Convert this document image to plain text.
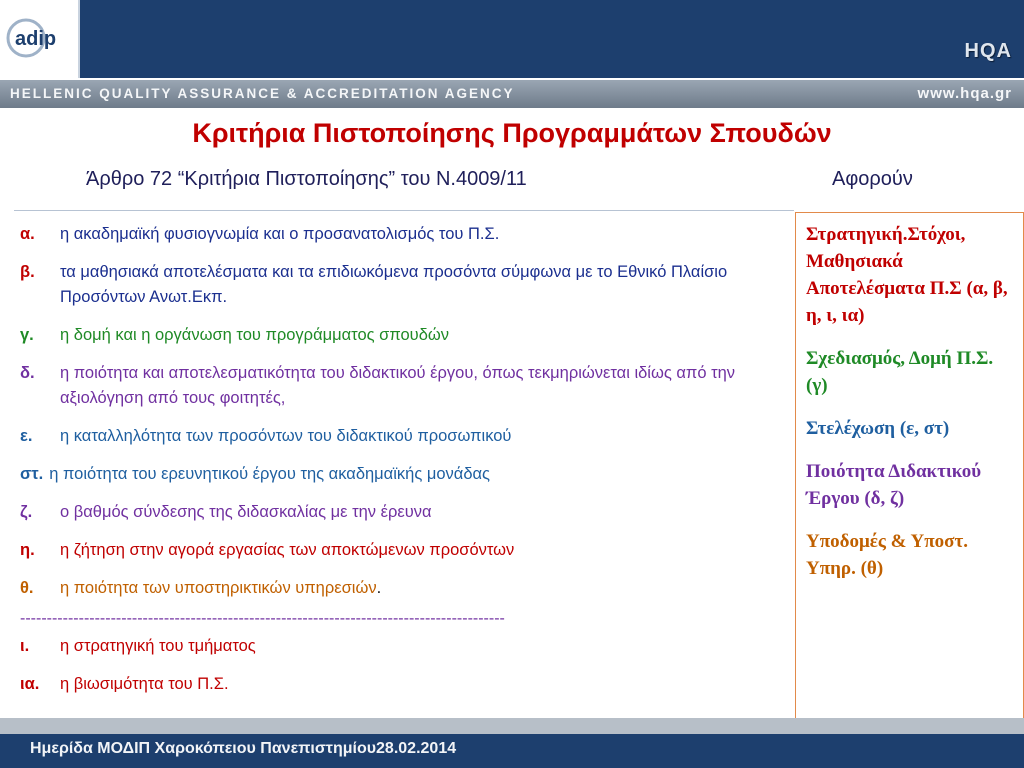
adip
HQA
HELLENIC QUALITY ASSURANCE & ACCREDITATION AGENCY	www.hqa.gr
Κριτήρια Πιστοποίησης Προγραμμάτων Σπουδών
Άρθρο 72 “Κριτήρια Πιστοποίησης” του Ν.4009/11	Αφορούν
α. η ακαδημαϊκή φυσιογνωμία και ο προσανατολισμός του Π.Σ.
β. τα μαθησιακά αποτελέσματα και τα επιδιωκόμενα προσόντα σύμφωνα με το Εθνικό Πλαίσιο Προσόντων Ανωτ.Εκπ.
γ. η δομή και η οργάνωση του προγράμματος σπουδών
δ. η ποιότητα και αποτελεσματικότητα του διδακτικού έργου, όπως τεκμηριώνεται ιδίως από την αξιολόγηση από τους φοιτητές,
ε. η καταλληλότητα των προσόντων του διδακτικού προσωπικού
στ. η ποιότητα του ερευνητικού έργου της ακαδημαϊκής μονάδας
ζ. ο βαθμός σύνδεσης της διδασκαλίας με την έρευνα
η. η ζήτηση στην αγορά εργασίας των αποκτώμενων προσόντων
θ. η ποιότητα των υποστηρικτικών υπηρεσιών.
-------------------------------------------------------------------------------------------
ι. η στρατηγική του τμήματος
ια. η βιωσιμότητα του Π.Σ.
Στρατηγική.Στόχοι, Μαθησιακά Αποτελέσματα Π.Σ (α, β, η, ι, ια)
Σχεδιασμός, Δομή Π.Σ. (γ)
Στελέχωση (ε, στ)
Ποιότητα Διδακτικού Έργου (δ, ζ)
Υποδομές & Υποστ. Υπηρ. (θ)
Ημερίδα ΜΟΔΙΠ Χαροκόπειου Πανεπιστημίου28.02.2014
